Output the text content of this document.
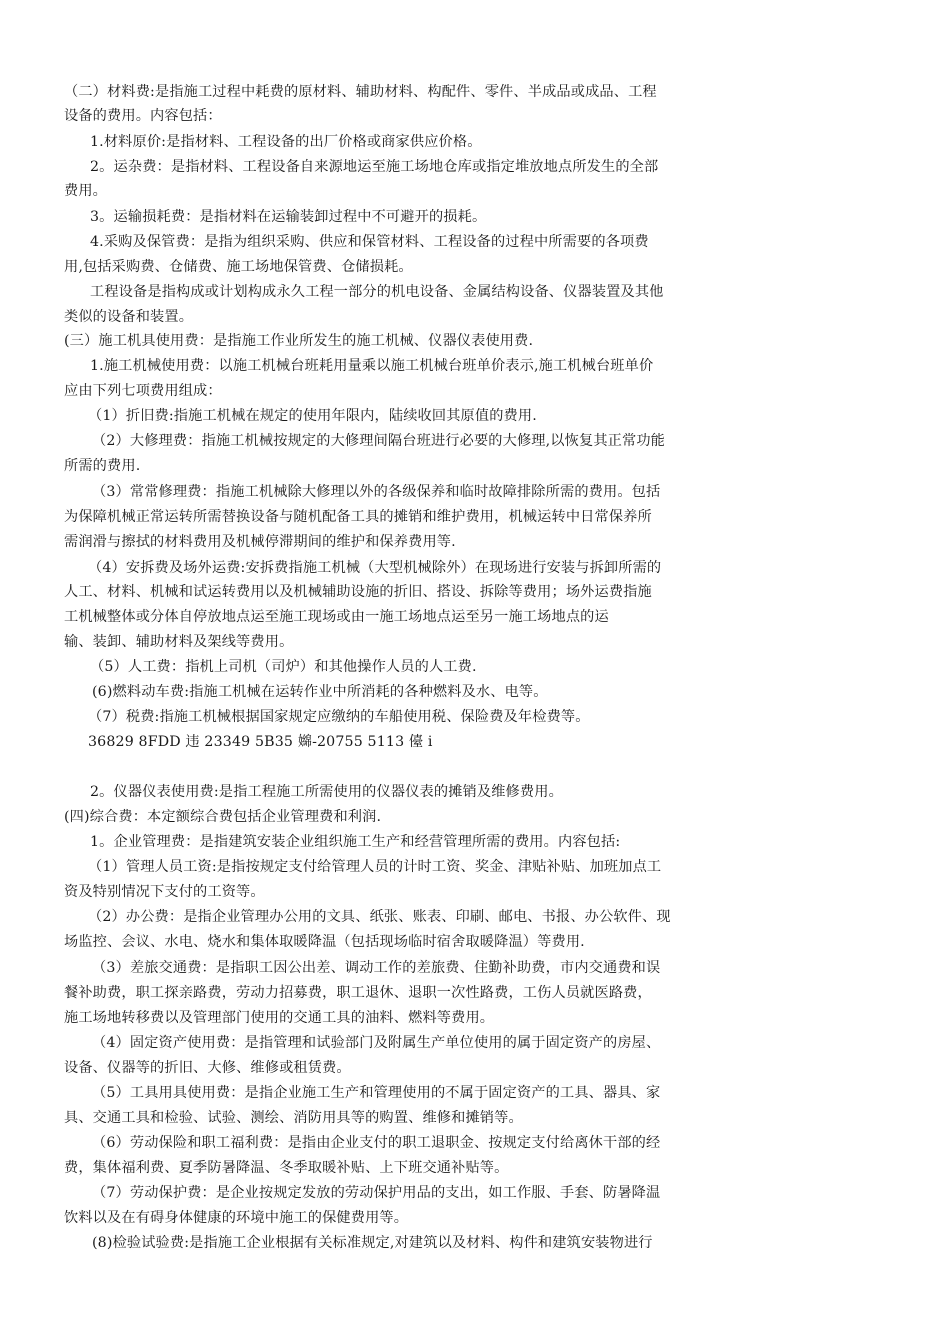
（二）材料费:是指施工过程中耗费的原材料、辅助材料、构配件、零件、半成品或成品、工程
设备的费用。内容包括：
1.材料原价:是指材料、工程设备的出厂价格或商家供应价格。
2。运杂费：是指材料、工程设备自来源地运至施工场地仓库或指定堆放地点所发生的全部
费用。
3。运输损耗费：是指材料在运输装卸过程中不可避开的损耗。
4.采购及保管费：是指为组织采购、供应和保管材料、工程设备的过程中所需要的各项费
用,包括采购费、仓储费、施工场地保管费、仓储损耗。
工程设备是指构成或计划构成永久工程一部分的机电设备、金属结构设备、仪器装置及其他
类似的设备和装置。
(三）施工机具使用费：是指施工作业所发生的施工机械、仪器仪表使用费.
1.施工机械使用费：以施工机械台班耗用量乘以施工机械台班单价表示,施工机械台班单价
应由下列七项费用组成：
（1）折旧费:指施工机械在规定的使用年限内，陆续收回其原值的费用.
（2）大修理费：指施工机械按规定的大修理间隔台班进行必要的大修理,以恢复其正常功能
所需的费用.
（3）常常修理费：指施工机械除大修理以外的各级保养和临时故障排除所需的费用。包括
为保障机械正常运转所需替换设备与随机配备工具的摊销和维护费用，机械运转中日常保养所
需润滑与擦拭的材料费用及机械停滞期间的维护和保养费用等.
（4）安拆费及场外运费:安拆费指施工机械（大型机械除外）在现场进行安装与拆卸所需的
人工、材料、机械和试运转费用以及机械辅助设施的折旧、搭设、拆除等费用；场外运费指施
工机械整体或分体自停放地点运至施工现场或由一施工场地点运至另一施工场地点的运
输、装卸、辅助材料及架线等费用。
（5）人工费：指机上司机（司炉）和其他操作人员的人工费.
(6)燃料动车费:指施工机械在运转作业中所消耗的各种燃料及水、电等。
（7）税费:指施工机械根据国家规定应缴纳的车船使用税、保险费及年检费等。
36829 8FDD 违 23349 5B35 嬵-20755 5113 儓 i
2。仪器仪表使用费:是指工程施工所需使用的仪器仪表的摊销及维修费用。
(四)综合费：本定额综合费包括企业管理费和利润.
1。企业管理费：是指建筑安装企业组织施工生产和经营管理所需的费用。内容包括:
（1）管理人员工资:是指按规定支付给管理人员的计时工资、奖金、津贴补贴、加班加点工
资及特别情况下支付的工资等。
（2）办公费：是指企业管理办公用的文具、纸张、账表、印刷、邮电、书报、办公软件、现
场监控、会议、水电、烧水和集体取暖降温（包括现场临时宿舍取暖降温）等费用.
（3）差旅交通费：是指职工因公出差、调动工作的差旅费、住勤补助费，市内交通费和误
餐补助费，职工探亲路费，劳动力招募费，职工退休、退职一次性路费，工伤人员就医路费，
施工场地转移费以及管理部门使用的交通工具的油料、燃料等费用。
（4）固定资产使用费：是指管理和试验部门及附属生产单位使用的属于固定资产的房屋、
设备、仪器等的折旧、大修、维修或租赁费。
（5）工具用具使用费：是指企业施工生产和管理使用的不属于固定资产的工具、器具、家
具、交通工具和检验、试验、测绘、消防用具等的购置、维修和摊销等。
（6）劳动保险和职工福利费：是指由企业支付的职工退职金、按规定支付给离休干部的经
费，集体福利费、夏季防暑降温、冬季取暖补贴、上下班交通补贴等。
（7）劳动保护费：是企业按规定发放的劳动保护用品的支出，如工作服、手套、防暑降温
饮料以及在有碍身体健康的环境中施工的保健费用等。
(8)检验试验费:是指施工企业根据有关标准规定,对建筑以及材料、构件和建筑安装物进行
